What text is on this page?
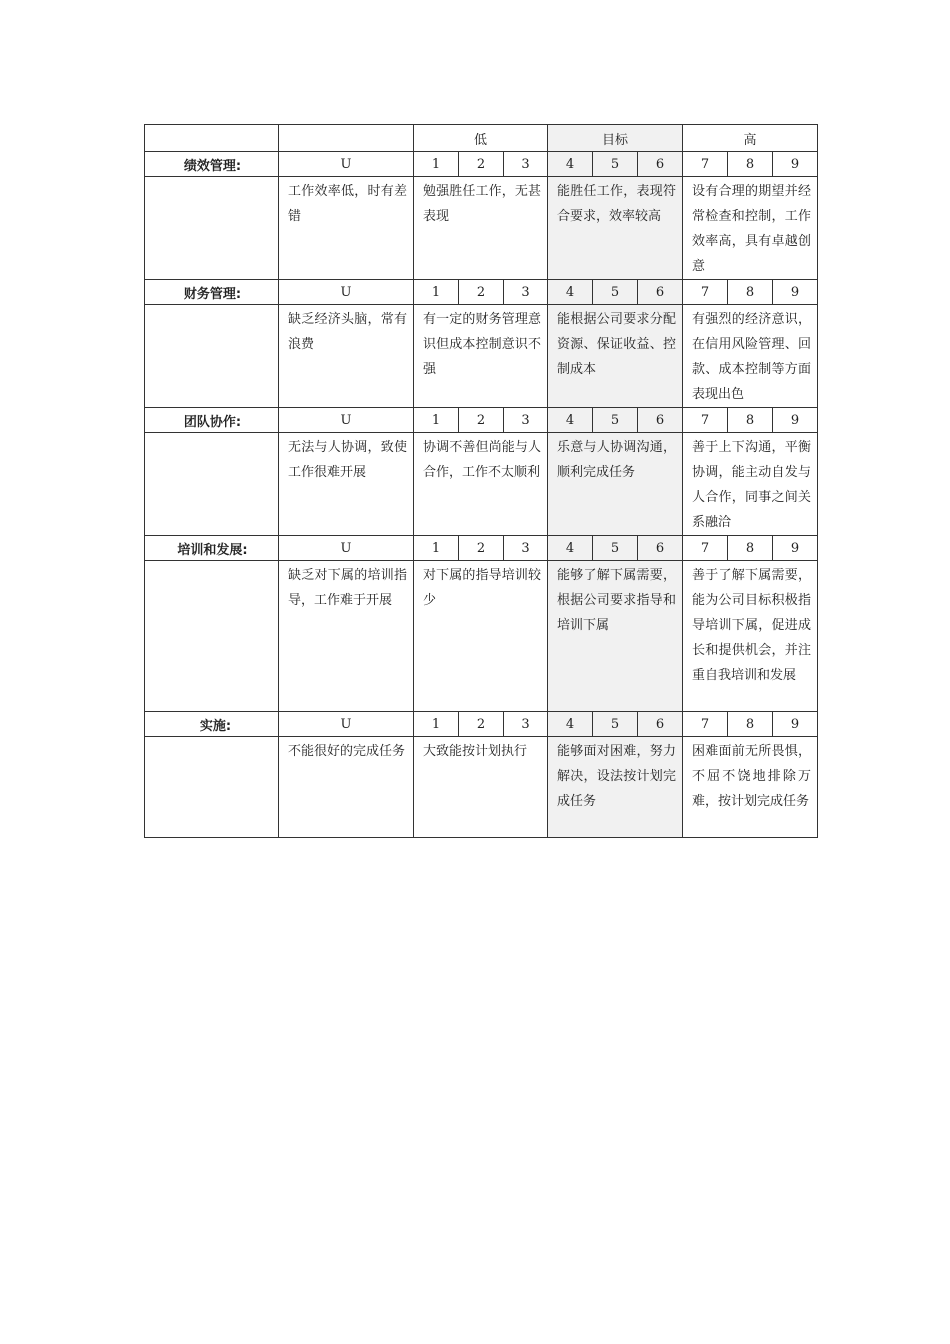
		低			目标			高		
绩效管理:	U	1	2	3	4	5	6	7	8	9
	工作效率低，时有差错	勉强胜任工作，无甚表现			能胜任工作，表现符合要求，效率较高			设有合理的期望并经常检查和控制，工作效率高，具有卓越创意		
财务管理:	U	1	2	3	4	5	6	7	8	9
	缺乏经济头脑，常有浪费	有一定的财务管理意识但成本控制意识不强			能根据公司要求分配资源、保证收益、控制成本			有强烈的经济意识，在信用风险管理、回款、成本控制等方面表现出色		
团队协作:	U	1	2	3	4	5	6	7	8	9
	无法与人协调，致使工作很难开展	协调不善但尚能与人合作，工作不太顺利			乐意与人协调沟通，顺利完成任务			善于上下沟通，平衡协调，能主动自发与人合作，同事之间关系融洽		
培训和发展:	U	1	2	3	4	5	6	7	8	9
	缺乏对下属的培训指导，工作难于开展	对下属的指导培训较少			能够了解下属需要，根据公司要求指导和培训下属			善于了解下属需要，能为公司目标积极指导培训下属，促进成长和提供机会，并注重自我培训和发展		
实施:	U	1	2	3	4	5	6	7	8	9
	不能很好的完成任务	大致能按计划执行			能够面对困难，努力解决，设法按计划完成任务			困难面前无所畏惧，不屈不饶地排除万难，按计划完成任务		
